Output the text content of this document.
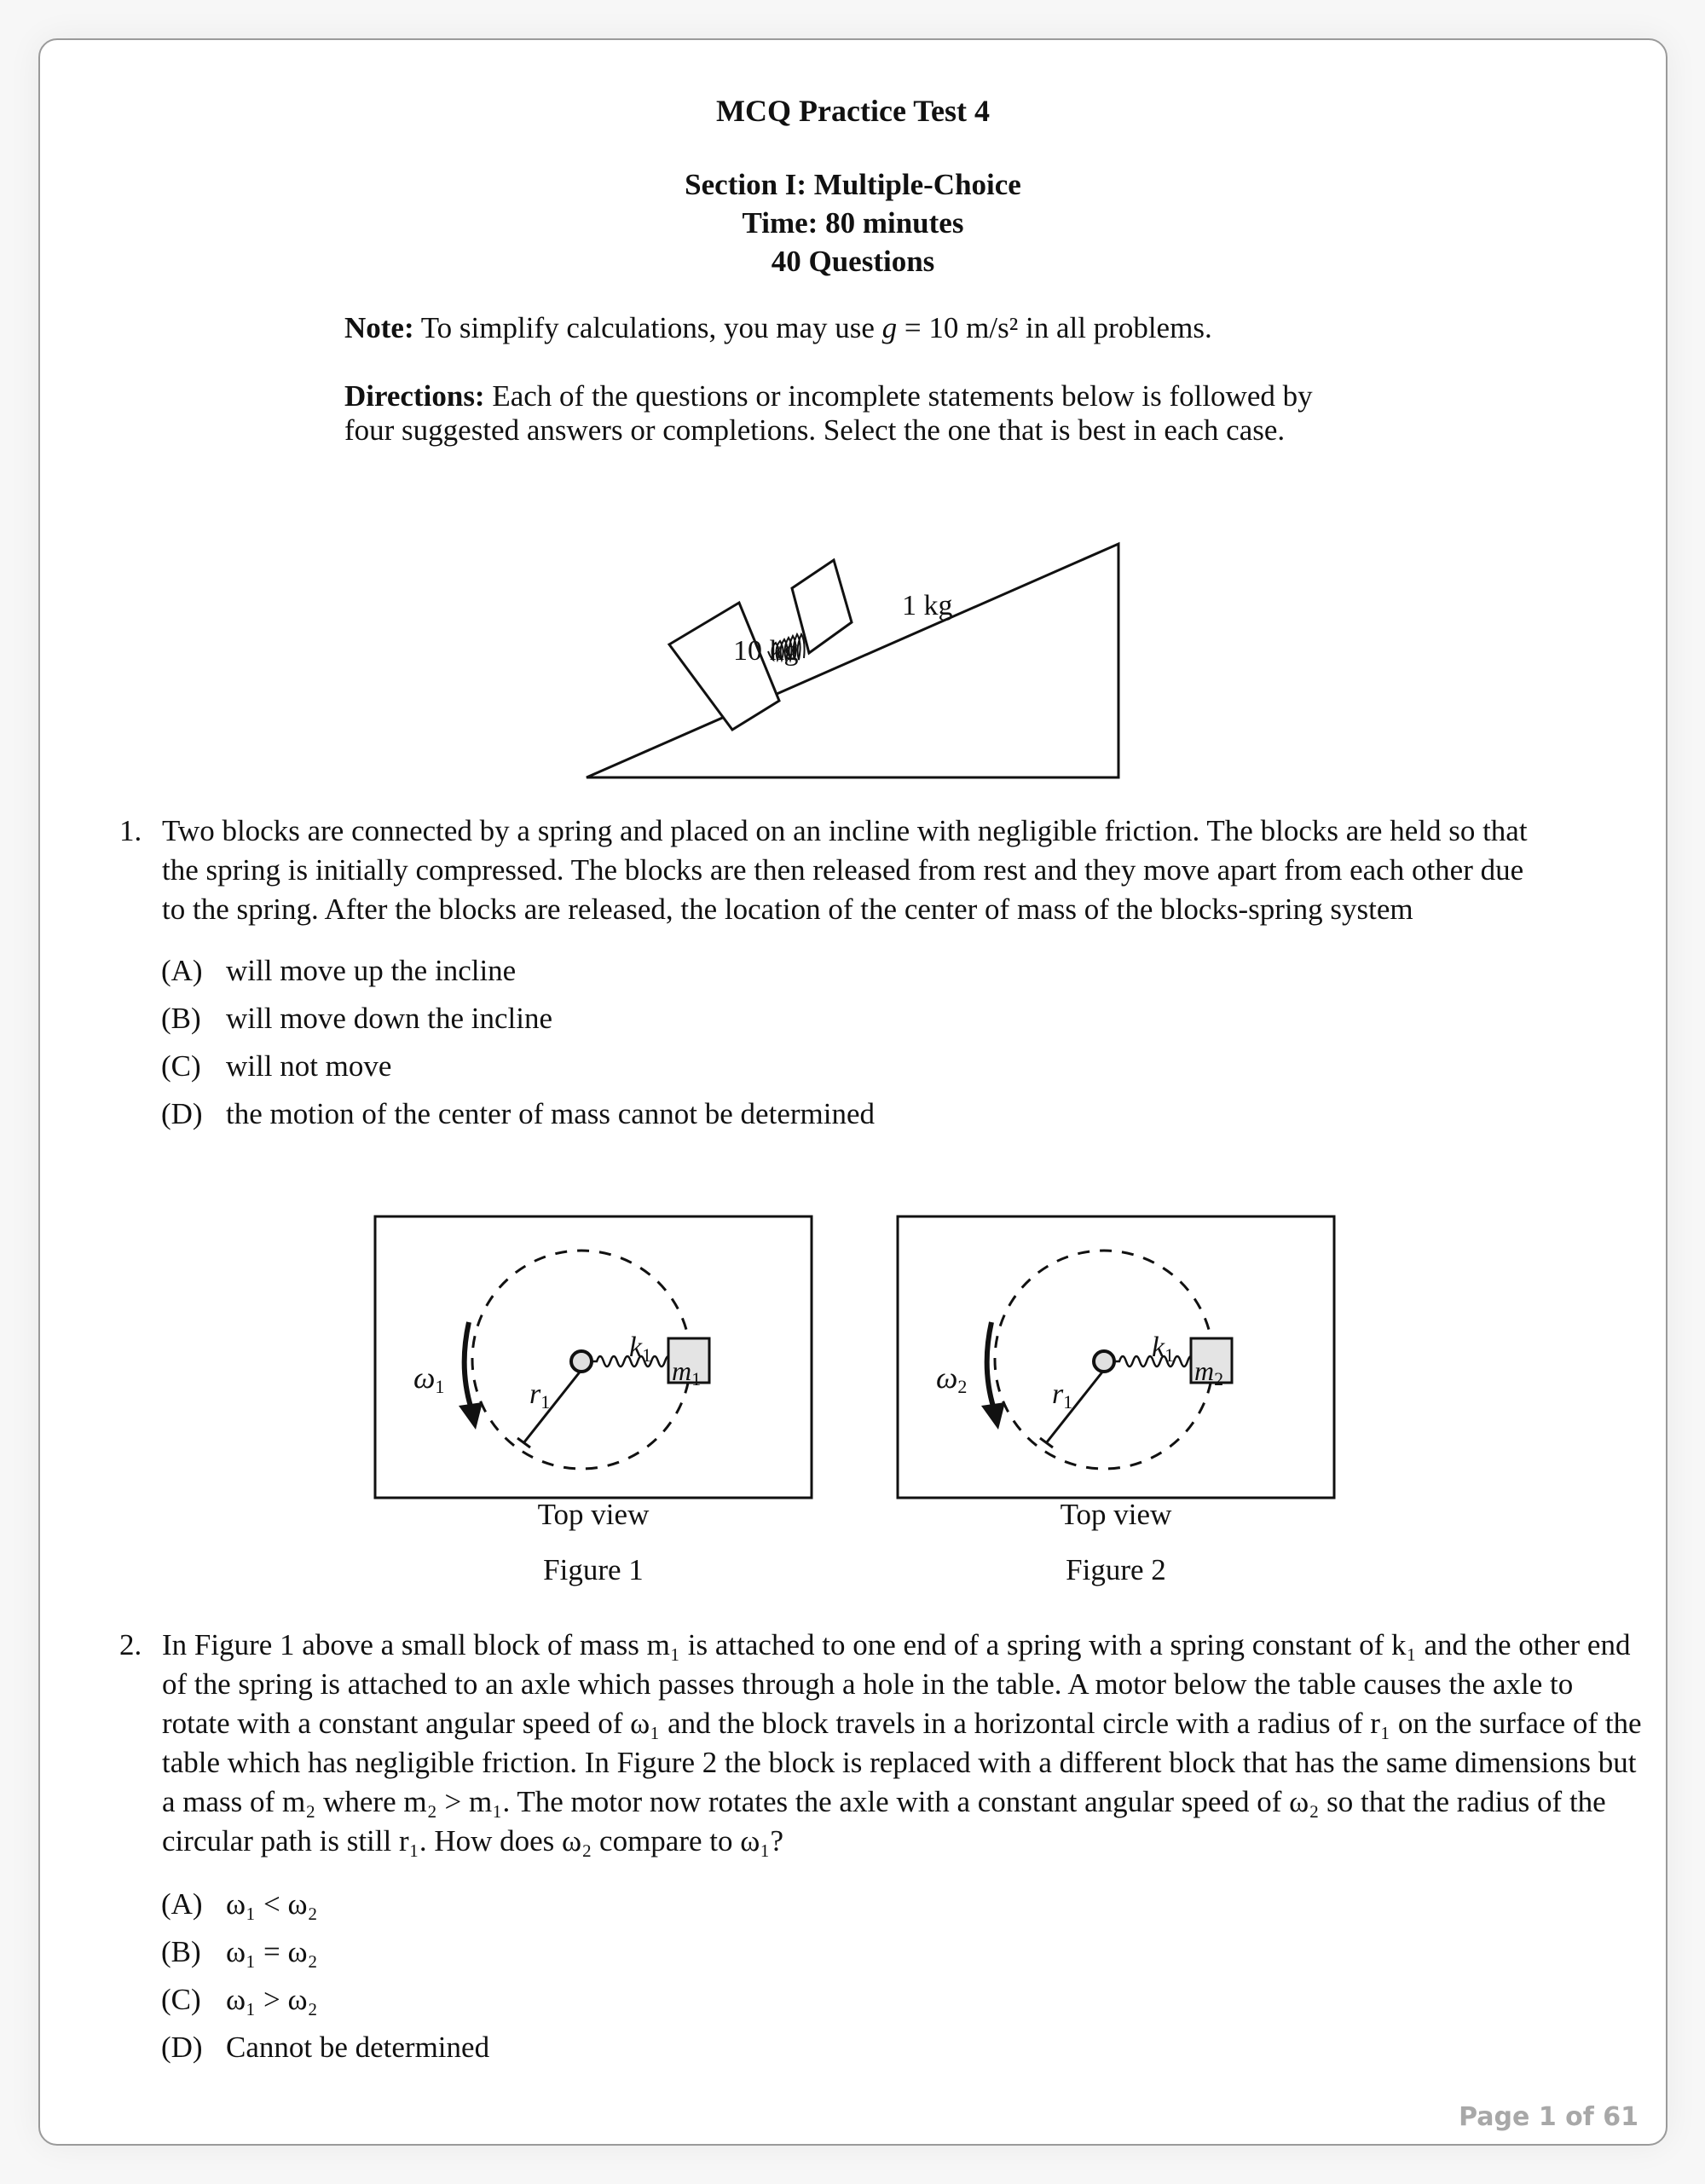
MCQ Practice Test 4
Section I: Multiple-Choice
Time: 80 minutes
40 Questions
Note: To simplify calculations, you may use g = 10 m/s² in all problems.
Directions: Each of the questions or incomplete statements below is followed by
four suggested answers or completions. Select the one that is best in each case.
10 kg
1 kg
1. Two blocks are connected by a spring and placed on an incline with negligible friction. The blocks are held so that
the spring is initially compressed. The blocks are then released from rest and they move apart from each other due
to the spring. After the blocks are released, the location of the center of mass of the blocks-spring system
(A) will move up the incline
(B) will move down the incline
(C) will not move
(D) the motion of the center of mass cannot be determined
$\omega_1$
$k_1$
$r_1$
$m_1$
Top view
Figure 1
$\omega_2$
$k_1$
$r_1$
$m_2$
Top view
Figure 2
2. In Figure 1 above a small block of mass m₁ is attached to one end of a spring with a spring constant of k₁ and the other end of the spring is attached to an axle which passes through a hole in the table. A motor below the table causes the axle to rotate with a constant angular speed of ω₁ and the block travels in a horizontal circle with a radius of r₁ on the surface of the table which has negligible friction. In Figure 2 the block is replaced with a different block that has the same dimensions but a mass of m₂ where m₂ > m₁. The motor now rotates the axle with a constant angular speed of ω₂ so that the radius of the circular path is still r₁. How does ω₂ compare to ω₁?
(A) ω₁ < ω₂
(B) ω₁ = ω₂
(C) ω₁ > ω₂
(D) Cannot be determined
Page 1 of 61
